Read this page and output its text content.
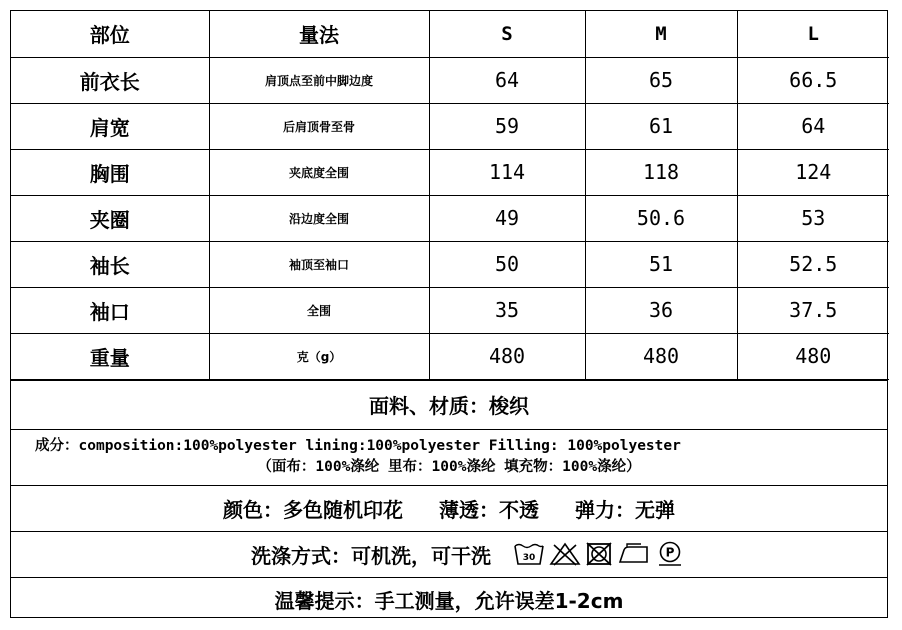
部位	量法	S	M	L
前衣长	肩顶点至前中脚边度	64	65	66.5
肩宽	后肩顶骨至骨	59	61	64
胸围	夹底度全围	114	118	124
夹圈	沿边度全围	49	50.6	53
袖长	袖顶至袖口	50	51	52.5
袖口	全围	35	36	37.5
重量	克（g）	480	480	480
面料、材质：梭织
成分：composition:100%polyester lining:100%polyester Filling: 100%polyester
（面布：100%涤纶 里布：100%涤纶 填充物：100%涤纶）
颜色：多色随机印花 薄透：不透 弹力：无弹
洗涤方式：可机洗，可干洗	30	P
温馨提示：手工测量，允许误差1-2cm
